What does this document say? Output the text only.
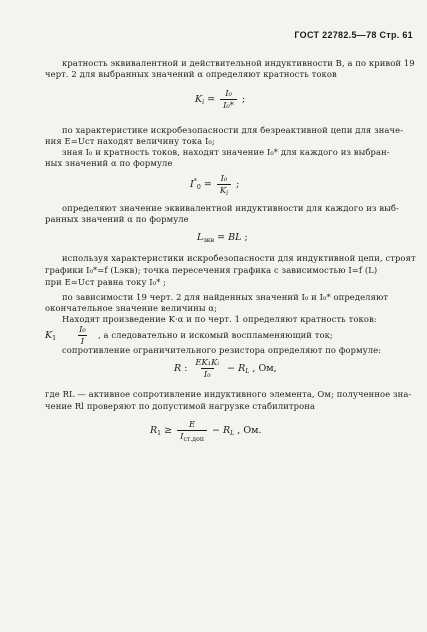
ГОСТ 22782.5—78 Стр. 61
кратность эквивалентной и действительной индуктивности В, а по кривой 19
черт. 2 для выбранных значений α определяют кратность токов
$K_i = \frac{\text{I₀}}{\text{I₀*}}$ ;
по характеристике искробезопасности для безреактивной цепи для значе-
ния E=Uст находят величину тока I₀;
зная I₀ и кратность токов, находят значение I₀* для каждого из выбран-
ных значений α по формуле
$I^*_0 = \frac{\text{I₀}}{K_i}$ ;
определяют значение эквивалентной индуктивности для каждого из выб-
ранных значений α по формуле
$L_{экв}$ = BL ;
используя характеристики искробезопасности для индуктивной цепи, строят
графики I₀*=f (Lэкв); точка пересечения графика с зависимостью I=f (L)
при E=Uст равна току I₀* ;
по зависимости 19 черт. 2 для найденных значений I₀ и I₀* определяют
окончательное значение величины α;
Находят произведение K·α и по черт. 1 определяют кратность токов:
$K_1 \frac{\text{I₀}}{I}$ , а следовательно и искомый воспламеняющий ток;
сопротивление ограничительного резистора определяют по формуле:
R : $\frac{\text{EK₁Kᵢ}}{\text{I₀}} - R_L$ , Ом,
где RL — активное сопротивление индуктивного элемента, Ом; полученное зна-
чение Rl проверяют по допустимой нагрузке стабилитрона
$R_1 \ge \frac{E}{I_{ст.доп}} - R_L$ , Ом.
